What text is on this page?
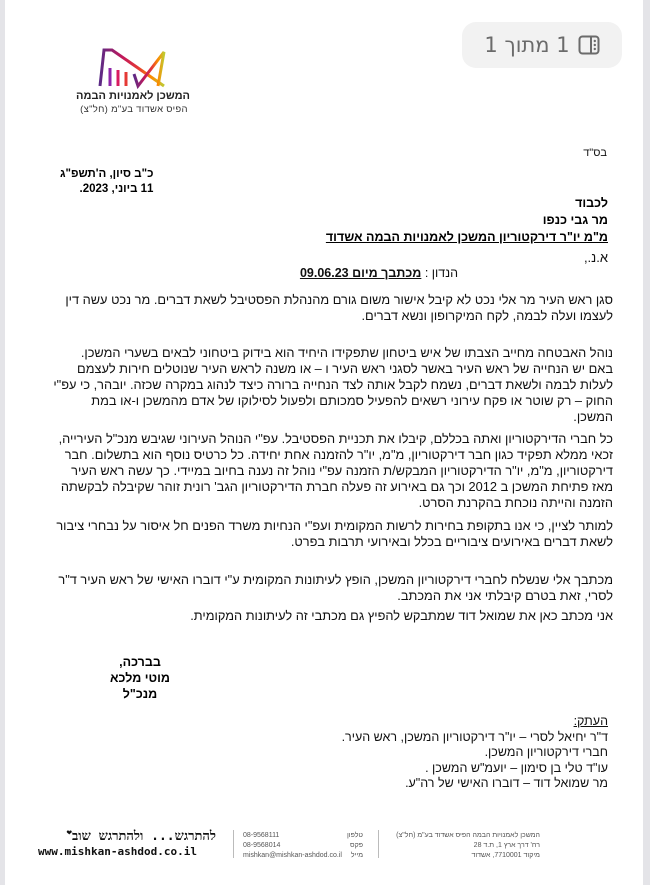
1 מתוך 1
המשכן לאמנויות הבמה
הפיס אשדוד בע"מ (חל"צ)
בס"ד
כ"ב סיון, ה'תשפ"ג
11 ביוני, 2023.
לכבוד
מר גבי כנפו
מ"מ יו"ר דירקטוריון המשכן לאמנויות הבמה אשדוד
א.נ.,
הנדון : מכתבך מיום 09.06.23
סגן ראש העיר מר אלי נכט לא קיבל אישור משום גורם מהנהלת הפסטיבל לשאת דברים. מר נכט עשה דין לעצמו ועלה לבמה, לקח המיקרופון ונשא דברים.
נוהל האבטחה מחייב הצבתו של איש ביטחון שתפקידו היחיד הוא בידוק ביטחוני לבאים בשערי המשכן. באם יש הנחייה של ראש העיר באשר לסגני ראש העיר ו – או משנה לראש העיר שנוטלים חירות לעצמם לעלות לבמה ולשאת דברים, נשמח לקבל אותה לצד הנחייה ברורה כיצד לנהוג במקרה שכזה. יובהר, כי עפ"י החוק – רק שוטר או פקח עירוני רשאים להפעיל סמכותם ולפעול לסילוקו של אדם מהמשכן ו-או במת המשכן.
כל חברי הדירקטוריון ואתה בכללם, קיבלו את תכניית הפסטיבל. עפ"י הנוהל העירוני שגיבש מנכ"ל העירייה, זכאי ממלא תפקיד כגון חבר דירקטוריון, מ"מ, יו"ר להזמנה אחת יחידה. כל כרטיס נוסף הוא בתשלום. חבר דירקטוריון, מ"מ, יו"ר הדירקטוריון המבקש/ת הזמנה עפ"י נוהל זה נענה בחיוב במיידי. כך עשה ראש העיר מאז פתיחת המשכן ב 2012 וכך גם באירוע זה פעלה חברת הדירקטוריון הגב' רונית זוהר שקיבלה לבקשתה הזמנה והייתה נוכחת בהקרנת הסרט.
למותר לציין, כי אנו בתקופת בחירות לרשות המקומית ועפ"י הנחיות משרד הפנים חל איסור על נבחרי ציבור לשאת דברים באירועים ציבוריים בכלל ובאירועי תרבות בפרט.
מכתבך אלי שנשלח לחברי דירקטוריון המשכן, הופץ לעיתונות המקומית ע"י דוברו האישי של ראש העיר ד"ר לסרי, זאת בטרם קיבלתי אני את המכתב.
אני מכתב כאן את שמואל דוד שמתבקש להפיץ גם מכתבי זה לעיתונות המקומית.
בברכה,
מוטי מלכא
מנכ"ל
העתק:
ד"ר יחיאל לסרי – יו"ר דירקטוריון המשכן, ראש העיר.
חברי דירקטוריון המשכן.
עו"ד טלי בן סימון – יועמ"ש המשכן .
מר שמואל דוד – דוברו האישי של רה"ע.
להתרגש... ולהתרגש שוב❤
www.mishkan-ashdod.co.il
08-9568111
08-9568014
mishkan@mishkan-ashdod.co.il
טלפון
פקס
מייל
המשכן לאמנויות הבמה הפיס אשדוד בע"מ (חל"צ)
רח' דרך ארץ 1, ת.ד 28
מיקוד 7710001, אשדוד
